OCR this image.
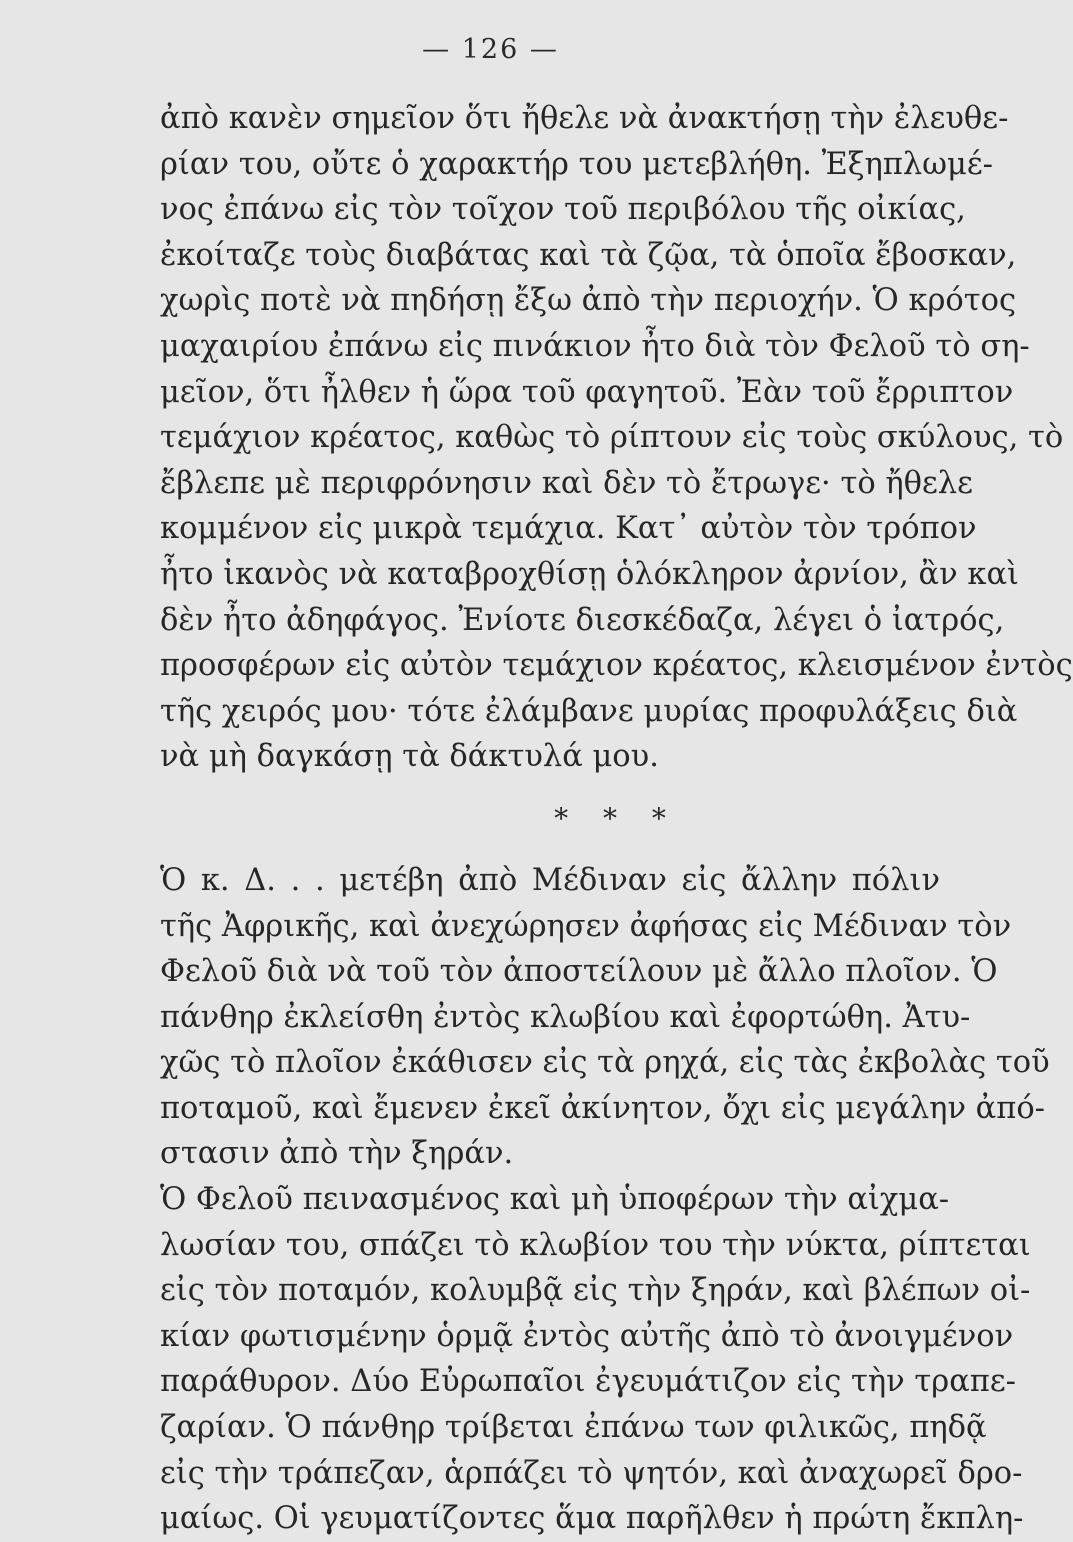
— 126 —
ἀπὸ κανὲν σημεῖον ὅτι ἤθελε νὰ ἀνακτήσῃ τὴν ἐλευθε-
ρίαν του, οὔτε ὁ χαρακτήρ του μετεβλήθη. Ἐξηπλωμέ-
νος ἐπάνω εἰς τὸν τοῖχον τοῦ περιβόλου τῆς οἰκίας,
ἐκοίταζε τοὺς διαβάτας καὶ τὰ ζῷα, τὰ ὁποῖα ἔβοσκαν,
χωρὶς ποτὲ νὰ πηδήσῃ ἔξω ἀπὸ τὴν περιοχήν. Ὁ κρότος
μαχαιρίου ἐπάνω εἰς πινάκιον ἦτο διὰ τὸν Φελοῦ τὸ ση-
μεῖον, ὅτι ἦλθεν ἡ ὥρα τοῦ φαγητοῦ. Ἐὰν τοῦ ἔρριπτον
τεμάχιον κρέατος, καθὼς τὸ ρίπτουν εἰς τοὺς σκύλους, τὸ
ἔβλεπε μὲ περιφρόνησιν καὶ δὲν τὸ ἔτρωγε· τὸ ἤθελε
κομμένον εἰς μικρὰ τεμάχια. Κατ᾽ αὐτὸν τὸν τρόπον
ἦτο ἱκανὸς νὰ καταβροχθίσῃ ὁλόκληρον ἀρνίον, ἂν καὶ
δὲν ἦτο ἀδηφάγος. Ἐνίοτε διεσκέδαζα, λέγει ὁ ἰατρός,
προσφέρων εἰς αὐτὸν τεμάχιον κρέατος, κλεισμένον ἐντὸς
τῆς χειρός μου· τότε ἐλάμβανε μυρίας προφυλάξεις διὰ
νὰ μὴ δαγκάσῃ τὰ δάκτυλά μου.
* * *
Ὁ κ. Δ. . . μετέβη ἀπὸ Μέδιναν εἰς ἄλλην πόλιν
τῆς Ἀφρικῆς, καὶ ἀνεχώρησεν ἀφήσας εἰς Μέδιναν τὸν
Φελοῦ διὰ νὰ τοῦ τὸν ἀποστείλουν μὲ ἄλλο πλοῖον. Ὁ
πάνθηρ ἐκλείσθη ἐντὸς κλωβίου καὶ ἐφορτώθη. Ἀτυ-
χῶς τὸ πλοῖον ἐκάθισεν εἰς τὰ ρηχά, εἰς τὰς ἐκβολὰς τοῦ
ποταμοῦ, καὶ ἔμενεν ἐκεῖ ἀκίνητον, ὄχι εἰς μεγάλην ἀπό-
στασιν ἀπὸ τὴν ξηράν.
Ὁ Φελοῦ πεινασμένος καὶ μὴ ὑποφέρων τὴν αἰχμα-
λωσίαν του, σπάζει τὸ κλωβίον του τὴν νύκτα, ρίπτεται
εἰς τὸν ποταμόν, κολυμβᾷ εἰς τὴν ξηράν, καὶ βλέπων οἰ-
κίαν φωτισμένην ὁρμᾷ ἐντὸς αὐτῆς ἀπὸ τὸ ἀνοιγμένον
παράθυρον. Δύο Εὐρωπαῖοι ἐγευμάτιζον εἰς τὴν τραπε-
ζαρίαν. Ὁ πάνθηρ τρίβεται ἐπάνω των φιλικῶς, πηδᾷ
εἰς τὴν τράπεζαν, ἁρπάζει τὸ ψητόν, καὶ ἀναχωρεῖ δρο-
μαίως. Οἱ γευματίζοντες ἅμα παρῆλθεν ἡ πρώτη ἔκπλη-
